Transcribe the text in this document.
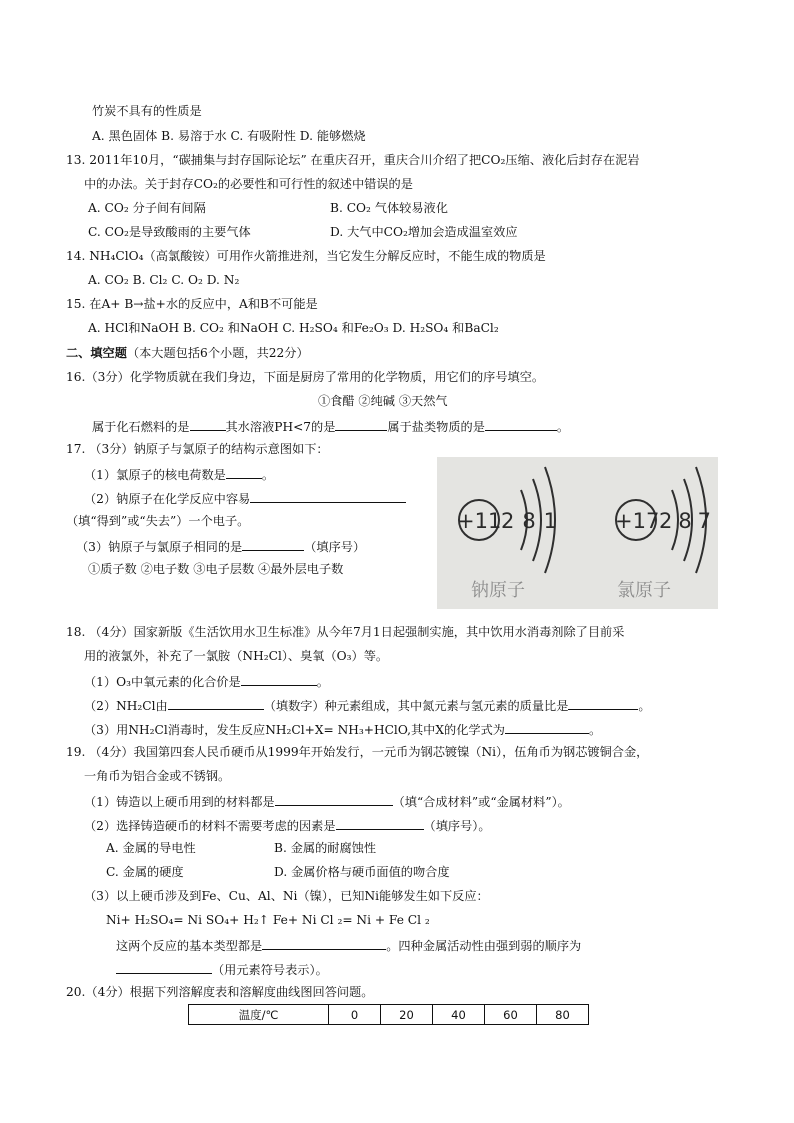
竹炭不具有的性质是
A. 黑色固体 B. 易溶于水 C. 有吸附性 D. 能够燃烧
13. 2011年10月，“碳捕集与封存国际论坛” 在重庆召开，重庆合川介绍了把CO₂压缩、液化后封存在泥岩
中的办法。关于封存CO₂的必要性和可行性的叙述中错误的是
A. CO₂ 分子间有间隔	B. CO₂ 气体较易液化
C. CO₂是导致酸雨的主要气体	D. 大气中CO₂增加会造成温室效应
14. NH₄ClO₄（高氯酸铵）可用作火箭推进剂，当它发生分解反应时，不能生成的物质是
A. CO₂ B. Cl₂ C. O₂ D. N₂
15. 在A+ B→盐+水的反应中，A和B不可能是
A. HCl和NaOH B. CO₂ 和NaOH C. H₂SO₄ 和Fe₂O₃ D. H₂SO₄ 和BaCl₂
二、填空题（本大题包括6个小题，共22分）
16.（3分）化学物质就在我们身边，下面是厨房了常用的化学物质，用它们的序号填空。
①食醋 ②纯碱 ③天然气
属于化石燃料的是	其水溶液PH<7的是	属于盐类物质的是	。
17. （3分）钠原子与氯原子的结构示意图如下：
（1）氯原子的核电荷数是	。
（2）钠原子在化学反应中容易
（填“得到”或“失去”）一个电子。
（3）钠原子与氯原子相同的是	（填序号）
①质子数 ②电子数 ③电子层数 ④最外层电子数
+11 2 8 1
钠原子
+17 2 8 7
氯原子
18. （4分）国家新版《生活饮用水卫生标准》从今年7月1日起强制实施，其中饮用水消毒剂除了目前采
用的液氯外，补充了一氯胺（NH₂Cl）、臭氧（O₃）等。
（1）O₃中氧元素的化合价是	。
（2）NH₂Cl由	（填数字）种元素组成，其中氮元素与氢元素的质量比是	。
（3）用NH₂Cl消毒时，发生反应NH₂Cl+X= NH₃+HClO,其中X的化学式为	。
19. （4分）我国第四套人民币硬币从1999年开始发行，一元币为钢芯镀镍（Ni），伍角币为钢芯镀铜合金，
一角币为铝合金或不锈钢。
（1）铸造以上硬币用到的材料都是	（填“合成材料”或“金属材料”）。
（2）选择铸造硬币的材料不需要考虑的因素是	（填序号）。
A. 金属的导电性	B. 金属的耐腐蚀性
C. 金属的硬度	D. 金属价格与硬币面值的吻合度
（3）以上硬币涉及到Fe、Cu、Al、Ni（镍），已知Ni能够发生如下反应：
Ni+ H₂SO₄= Ni SO₄+ H₂↑ Fe+ Ni Cl ₂= Ni + Fe Cl ₂
这两个反应的基本类型都是	。四种金属活动性由强到弱的顺序为
（用元素符号表示）。
20.（4分）根据下列溶解度表和溶解度曲线图回答问题。
温度/℃	0	20	40	60	80
